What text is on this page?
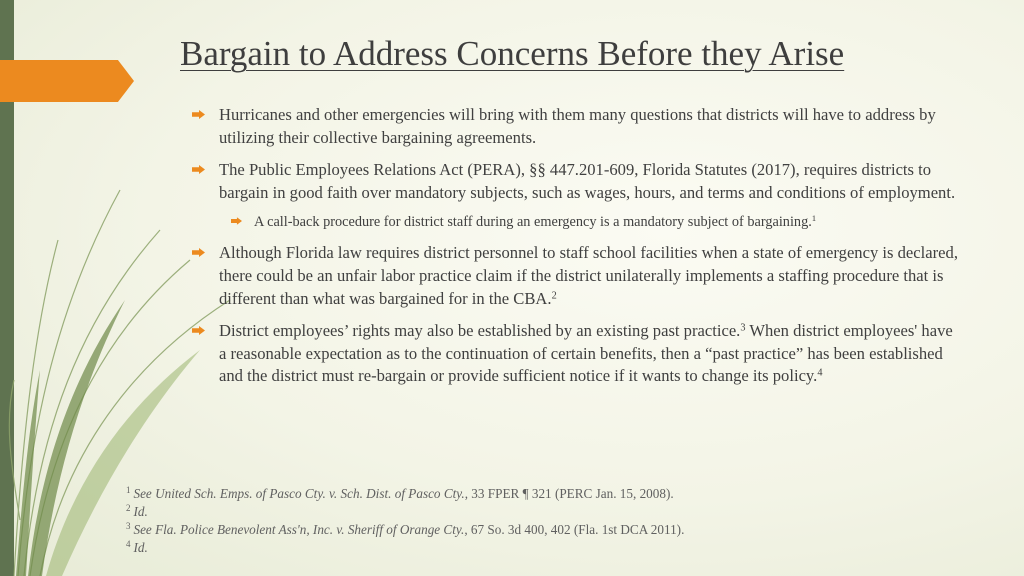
Bargain to Address Concerns Before they Arise
Hurricanes and other emergencies will bring with them many questions that districts will have to address by utilizing their collective bargaining agreements.
The Public Employees Relations Act (PERA), §§ 447.201-609, Florida Statutes (2017), requires districts to bargain in good faith over mandatory subjects, such as wages, hours, and terms and conditions of employment.
A call-back procedure for district staff during an emergency is a mandatory subject of bargaining.$^1$
Although Florida law requires district personnel to staff school facilities when a state of emergency is declared, there could be an unfair labor practice claim if the district unilaterally implements a staffing procedure that is different than what was bargained for in the CBA.$^2$
District employees’ rights may also be established by an existing past practice.$^3$ When district employees' have a reasonable expectation as to the continuation of certain benefits, then a “past practice” has been established and the district must re-bargain or provide sufficient notice if it wants to change its policy.$^4$
$^1$ See United Sch. Emps. of Pasco Cty. v. Sch. Dist. of Pasco Cty., 33 FPER ¶ 321 (PERC Jan. 15, 2008).
$^2$ Id.
$^3$ See Fla. Police Benevolent Ass'n, Inc. v. Sheriff of Orange Cty., 67 So. 3d 400, 402 (Fla. 1st DCA 2011).
$^4$ Id.
